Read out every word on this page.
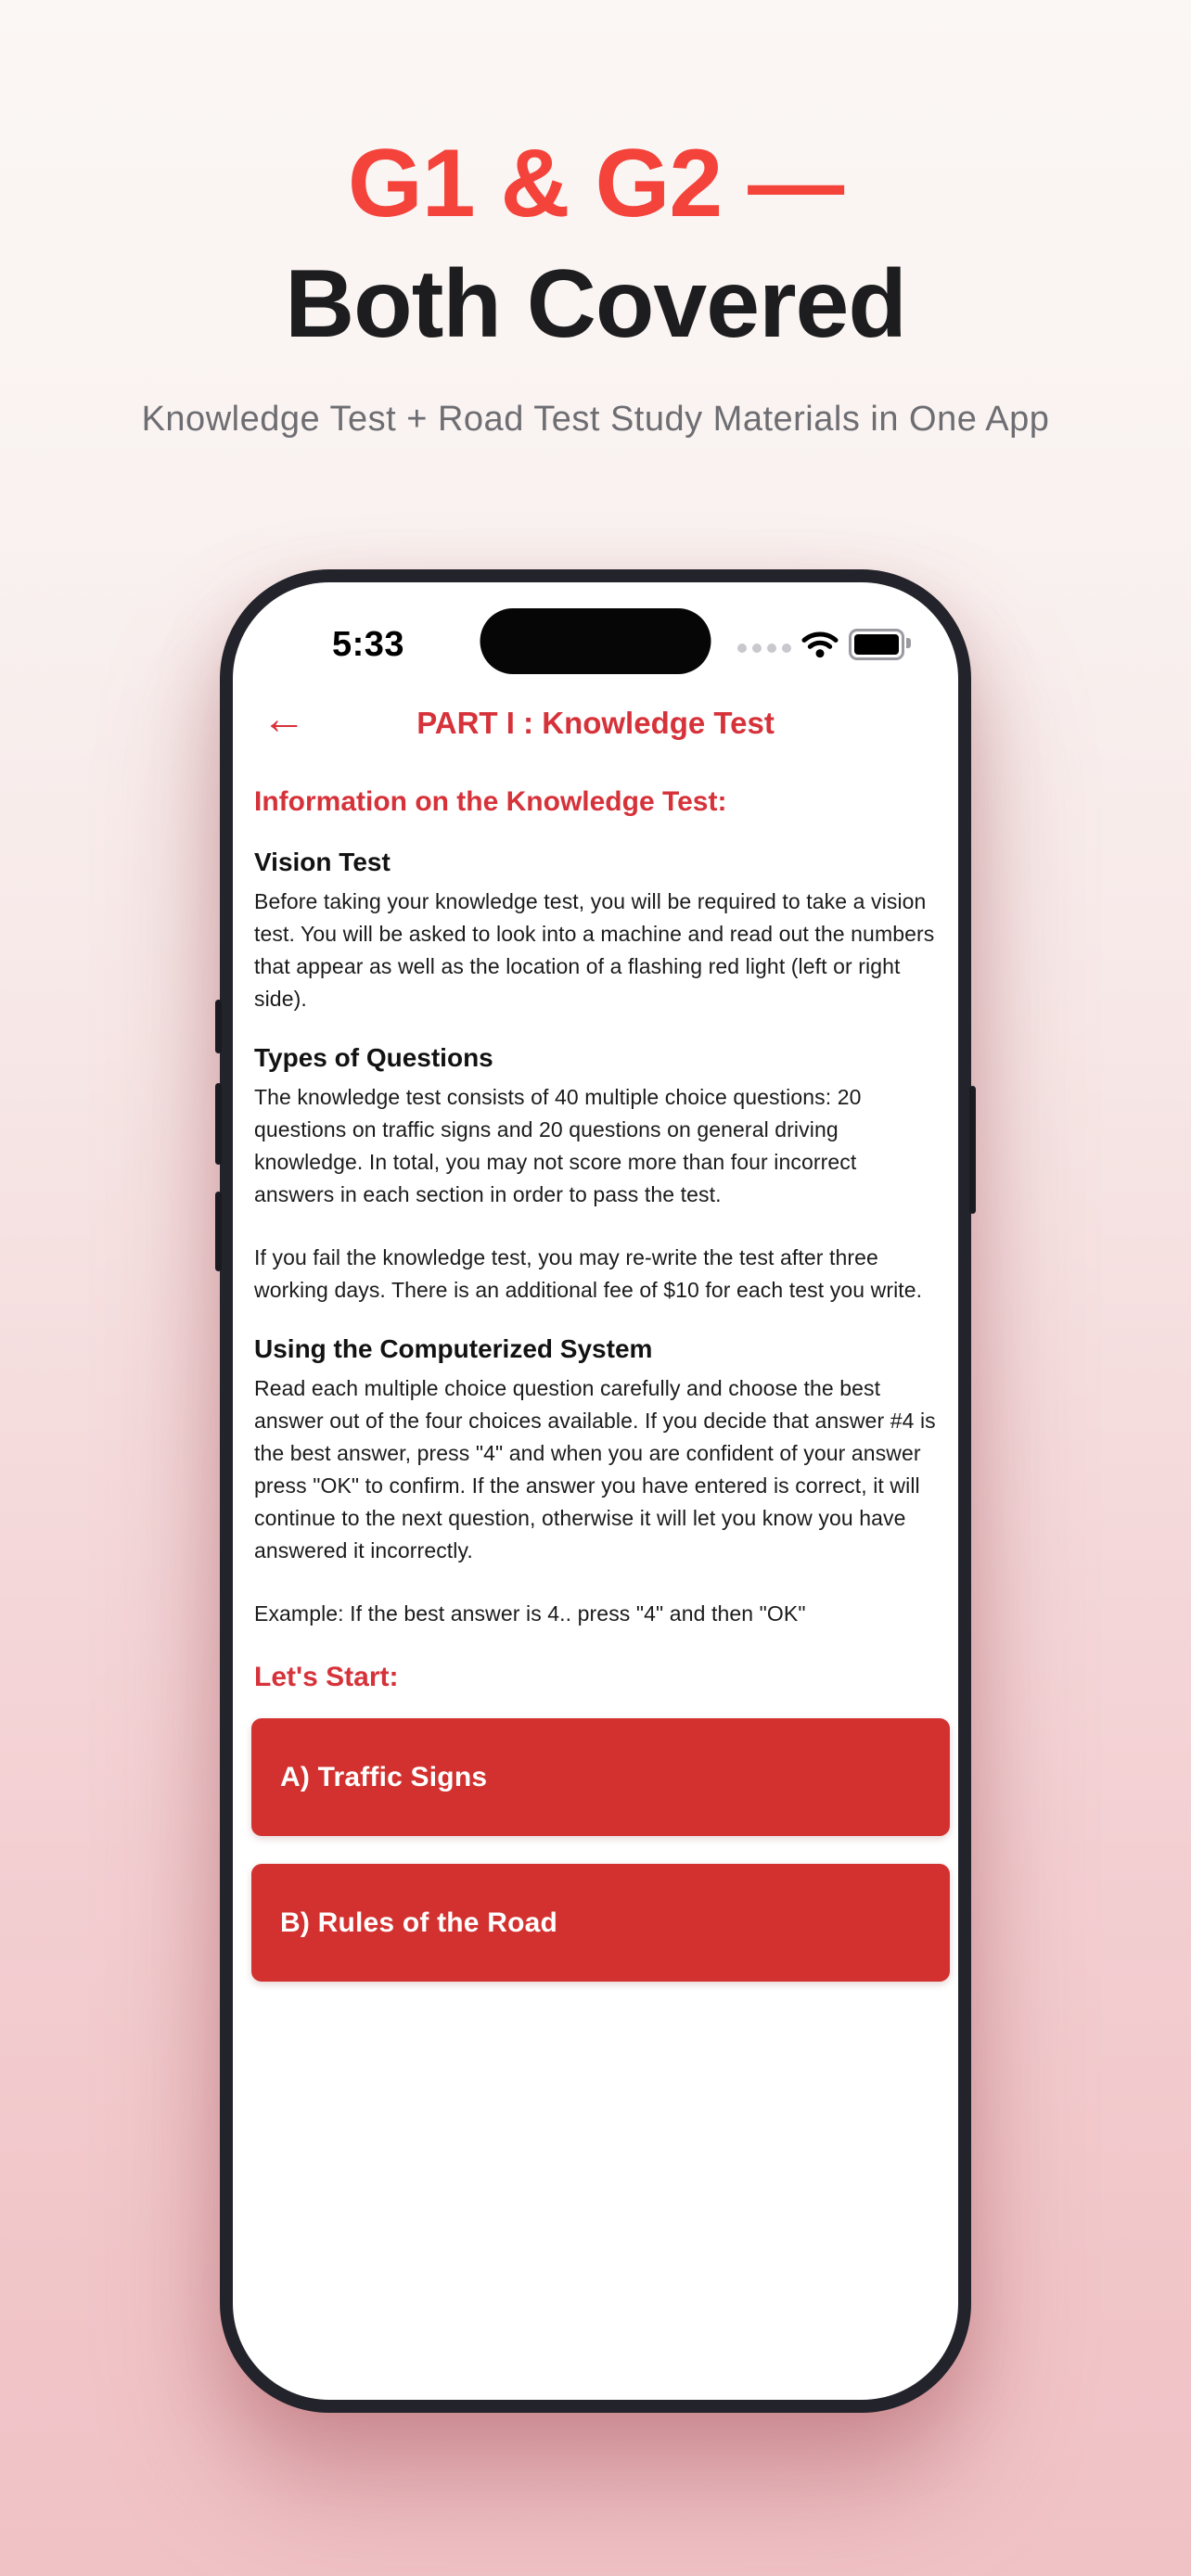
G1 & G2 —
Both Covered
Knowledge Test + Road Test Study Materials in One App
5:33
←	PART I : Knowledge Test
Information on the Knowledge Test:
Vision Test
Before taking your knowledge test, you will be required to take a vision test. You will be asked to look into a machine and read out the numbers that appear as well as the location of a flashing red light (left or right side).
Types of Questions
The knowledge test consists of 40 multiple choice questions: 20 questions on traffic signs and 20 questions on general driving knowledge. In total, you may not score more than four incorrect answers in each section in order to pass the test.
If you fail the knowledge test, you may re-write the test after three working days. There is an additional fee of $10 for each test you write.
Using the Computerized System
Read each multiple choice question carefully and choose the best answer out of the four choices available. If you decide that answer #4 is the best answer, press "4" and when you are confident of your answer press "OK" to confirm. If the answer you have entered is correct, it will continue to the next question, otherwise it will let you know you have answered it incorrectly.
Example: If the best answer is 4.. press "4" and then "OK"
Let's Start:
A) Traffic Signs
B) Rules of the Road
